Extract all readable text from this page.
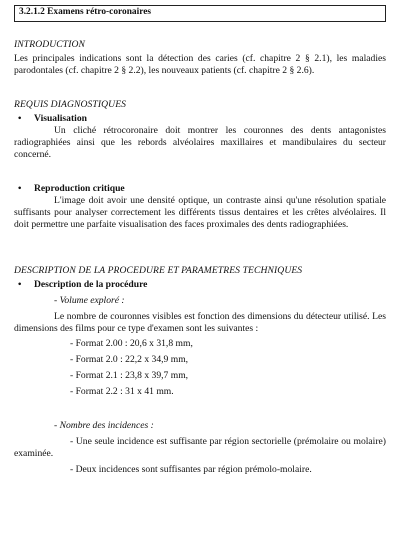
3.2.1.2 Examens rétro-coronaires
INTRODUCTION

Les principales indications sont la détection des caries (cf. chapitre 2 § 2.1), les maladies parodontales (cf. chapitre 2 § 2.2), les nouveaux patients (cf. chapitre 2 § 2.6).

REQUIS DIAGNOSTIQUES
•	Visualisation

Un cliché rétrocoronaire doit montrer les couronnes des dents antagonistes radiographiées ainsi que les rebords alvéolaires maxillaires et mandibulaires du secteur concerné.

•	Reproduction critique

L'image doit avoir une densité optique, un contraste ainsi qu'une résolution spatiale suffisants pour analyser correctement les différents tissus dentaires et les crêtes alvéolaires. Il doit permettre une parfaite visualisation des faces proximales des dents radiographiées.

DESCRIPTION DE LA PROCEDURE ET PARAMETRES TECHNIQUES
•	Description de la procédure
- Volume exploré :

Le nombre de couronnes visibles est fonction des dimensions du détecteur utilisé. Les dimensions des films pour ce type d'examen sont les suivantes :

- Format 2.00 : 20,6 x 31,8 mm,

- Format 2.0 : 22,2 x 34,9 mm,

- Format 2.1 : 23,8 x 39,7 mm,

- Format 2.2 : 31 x 41 mm.

- Nombre des incidences :

- Une seule incidence est suffisante par région sectorielle (prémolaire ou molaire) examinée.

- Deux incidences sont suffisantes par région prémolo-molaire.
